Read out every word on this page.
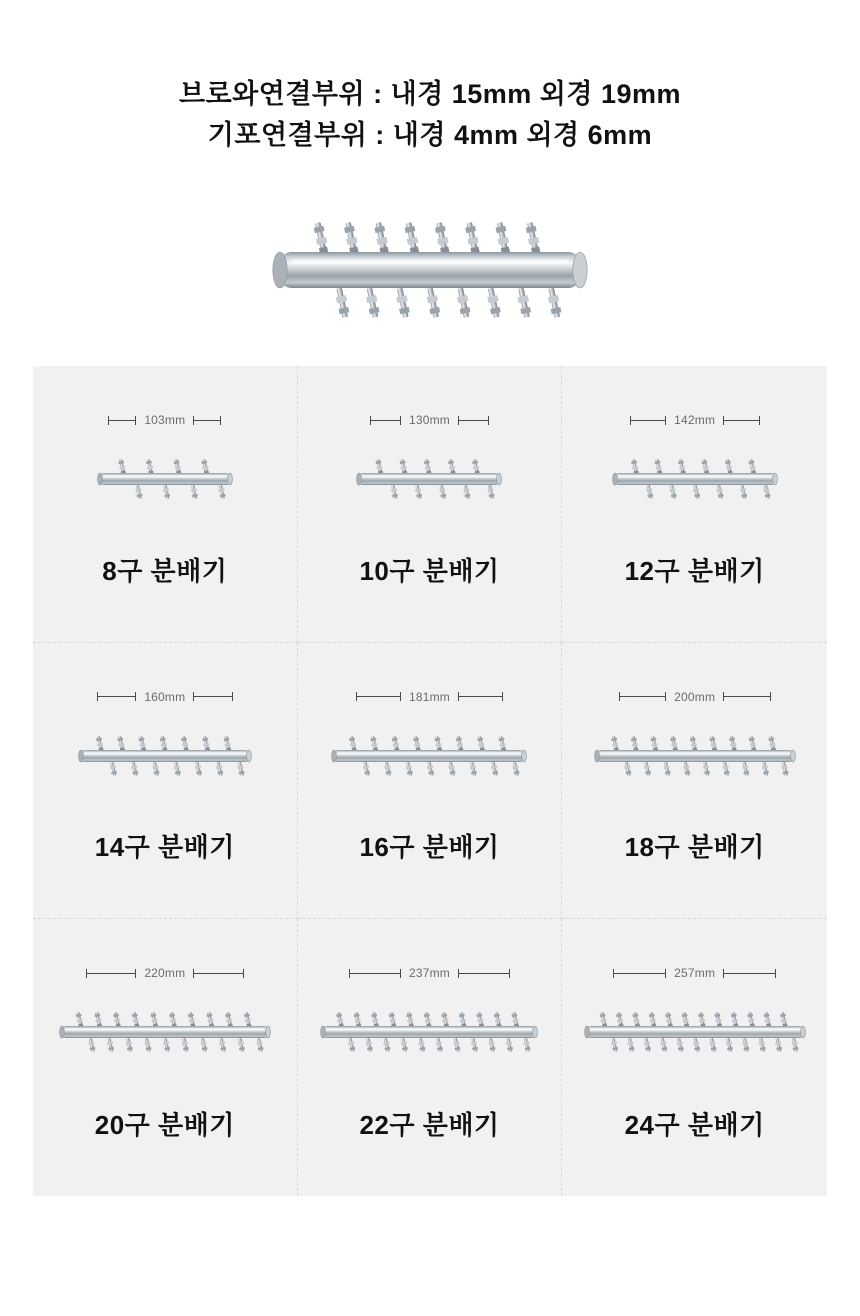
브로와연결부위 : 내경 15mm 외경 19mm
기포연결부위 : 내경 4mm 외경 6mm
103mm
8구 분배기
130mm
10구 분배기
142mm
12구 분배기
160mm
14구 분배기
181mm
16구 분배기
200mm
18구 분배기
220mm
20구 분배기
237mm
22구 분배기
257mm
24구 분배기
